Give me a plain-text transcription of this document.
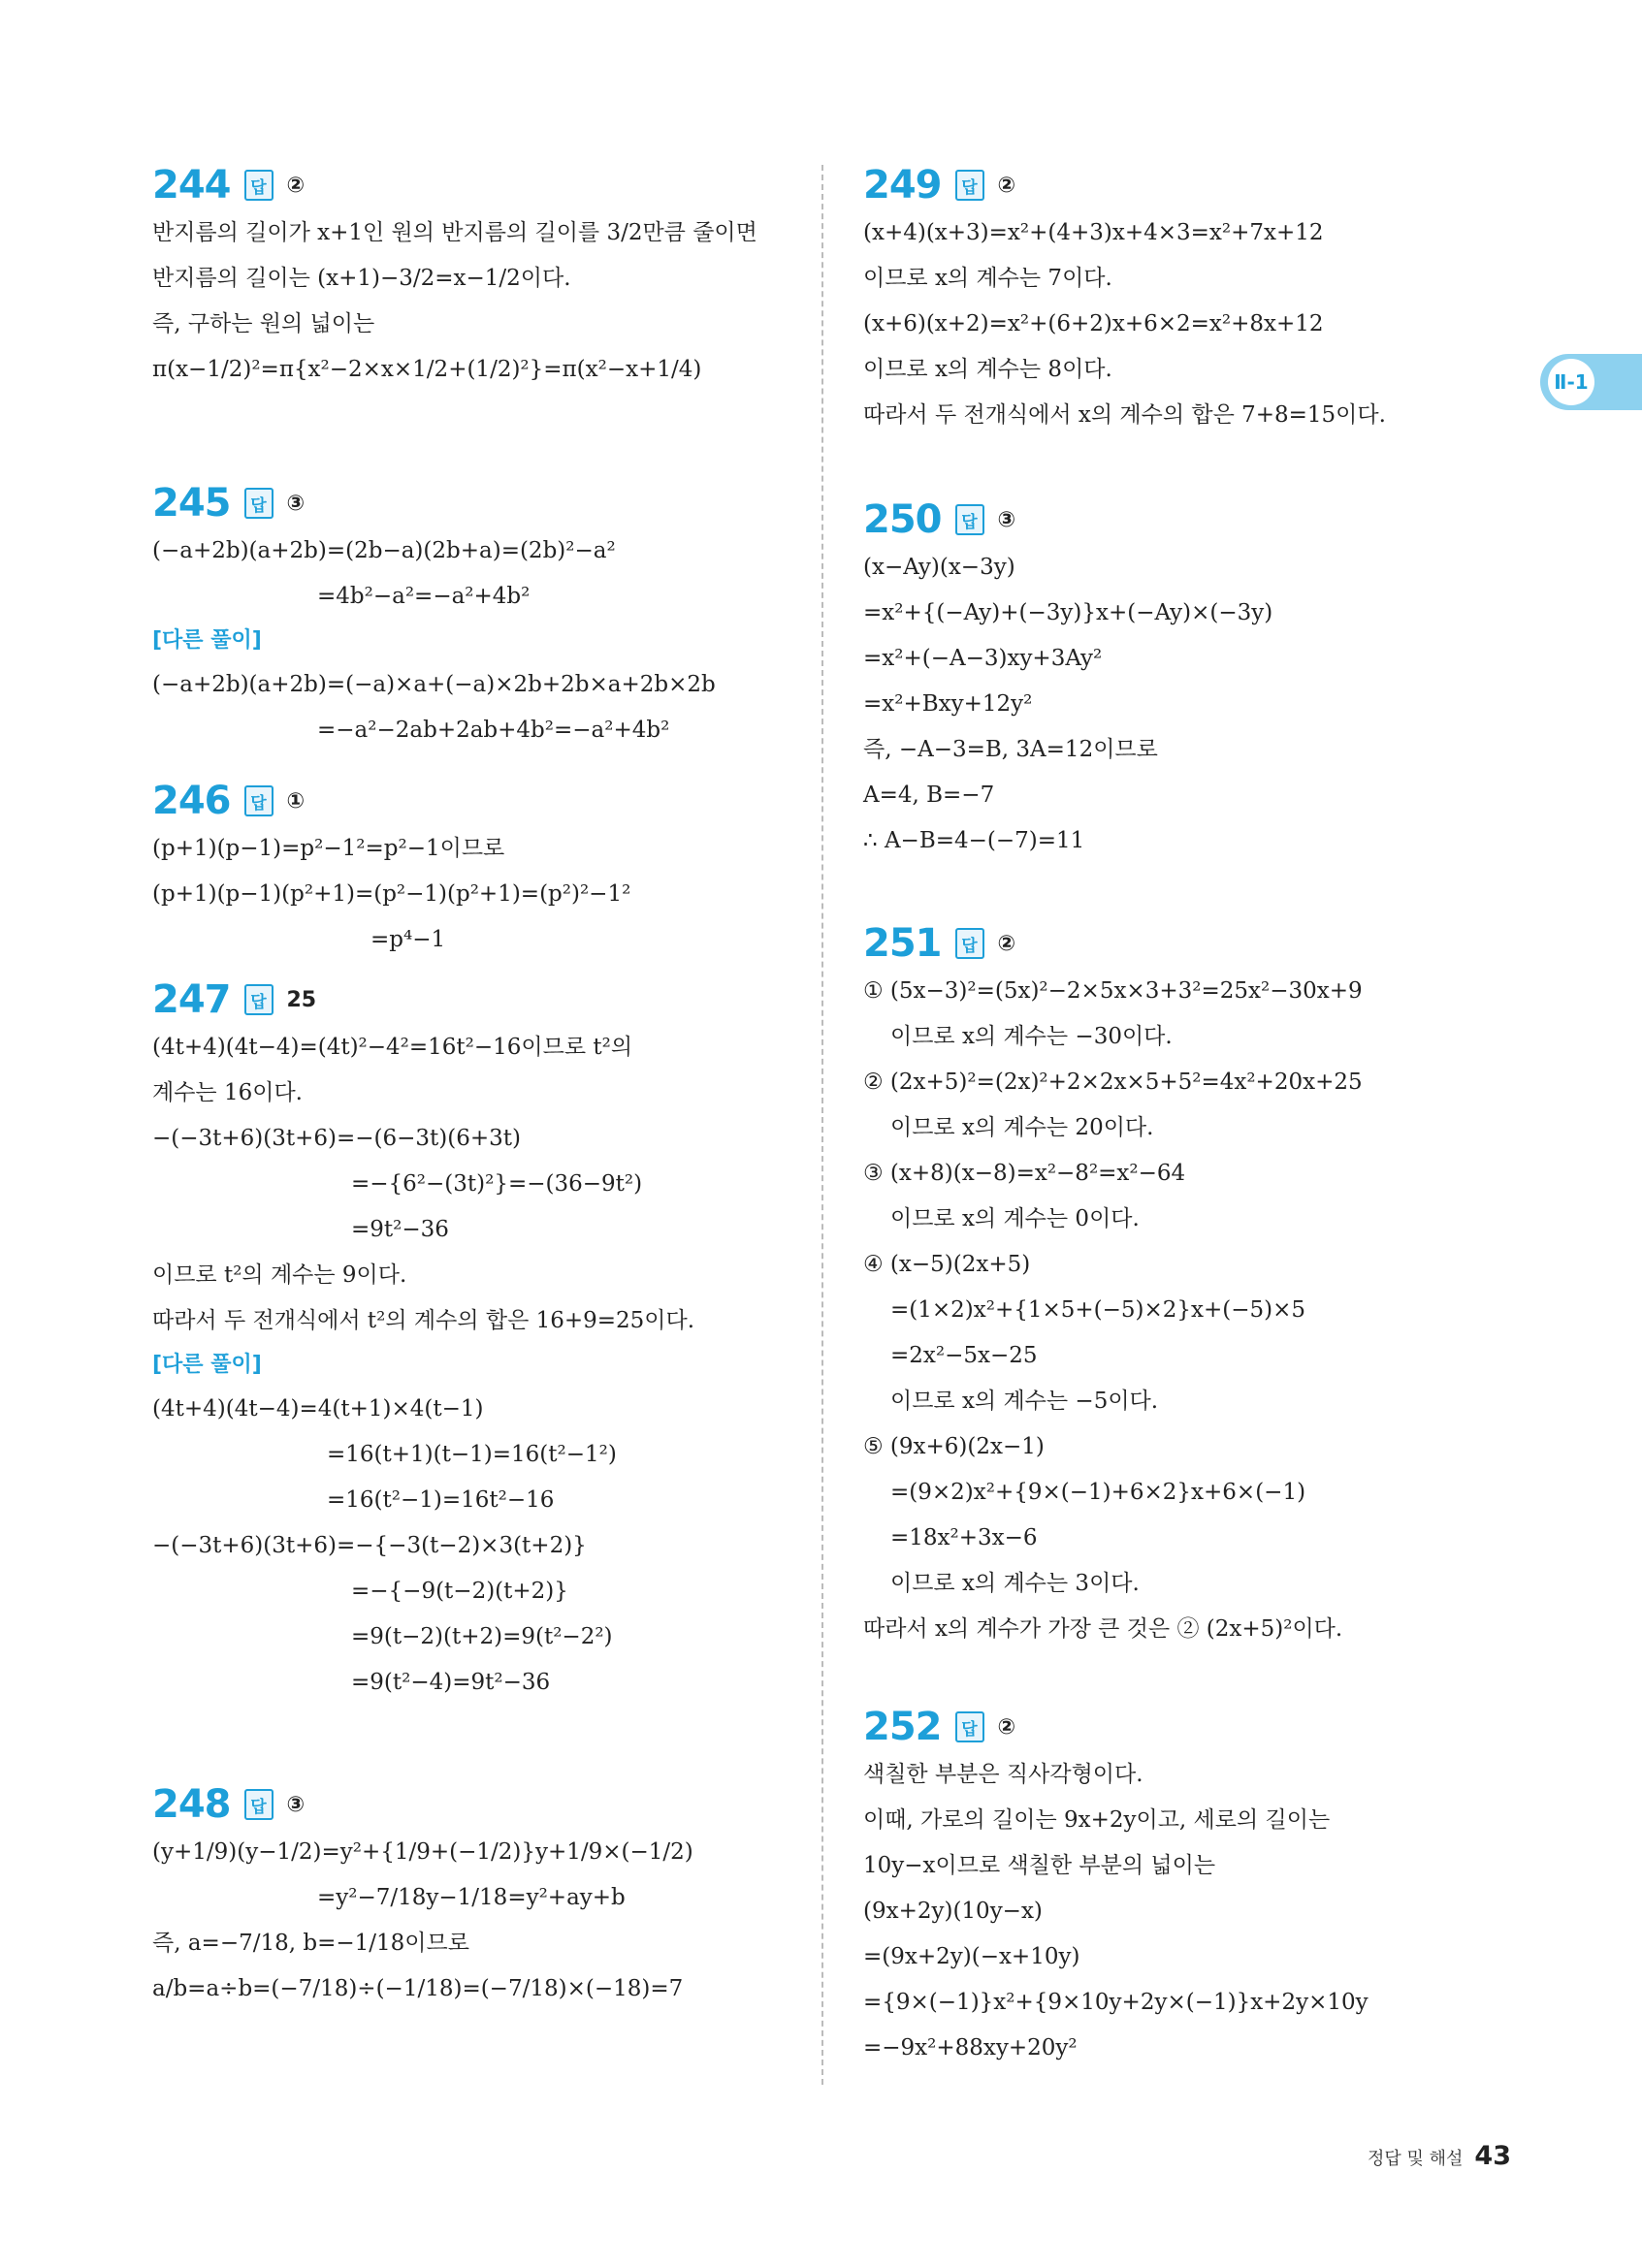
244	답 ②
반지름의 길이가 x+1인 원의 반지름의 길이를 3/2만큼 줄이면
반지름의 길이는 (x+1)−3/2=x−1/2이다.
즉, 구하는 원의 넓이는
π(x−1/2)²=π{x²−2×x×1/2+(1/2)²}=π(x²−x+1/4)
245	답 ③
(−a+2b)(a+2b)=(2b−a)(2b+a)=(2b)²−a²
=4b²−a²=−a²+4b²
[다른 풀이]
(−a+2b)(a+2b)=(−a)×a+(−a)×2b+2b×a+2b×2b
=−a²−2ab+2ab+4b²=−a²+4b²
246	답 ①
(p+1)(p−1)=p²−1²=p²−1이므로
(p+1)(p−1)(p²+1)=(p²−1)(p²+1)=(p²)²−1²
=p⁴−1
247	답 25
(4t+4)(4t−4)=(4t)²−4²=16t²−16이므로 t²의
계수는 16이다.
−(−3t+6)(3t+6)=−(6−3t)(6+3t)
=−{6²−(3t)²}=−(36−9t²)
=9t²−36
이므로 t²의 계수는 9이다.
따라서 두 전개식에서 t²의 계수의 합은 16+9=25이다.
[다른 풀이]
(4t+4)(4t−4)=4(t+1)×4(t−1)
=16(t+1)(t−1)=16(t²−1²)
=16(t²−1)=16t²−16
−(−3t+6)(3t+6)=−{−3(t−2)×3(t+2)}
=−{−9(t−2)(t+2)}
=9(t−2)(t+2)=9(t²−2²)
=9(t²−4)=9t²−36
248	답 ③
(y+1/9)(y−1/2)=y²+{1/9+(−1/2)}y+1/9×(−1/2)
=y²−7/18y−1/18=y²+ay+b
즉, a=−7/18, b=−1/18이므로
a/b=a÷b=(−7/18)÷(−1/18)=(−7/18)×(−18)=7
249	답 ②
(x+4)(x+3)=x²+(4+3)x+4×3=x²+7x+12
이므로 x의 계수는 7이다.
(x+6)(x+2)=x²+(6+2)x+6×2=x²+8x+12
이므로 x의 계수는 8이다.
따라서 두 전개식에서 x의 계수의 합은 7+8=15이다.
250	답 ③
(x−Ay)(x−3y)
=x²+{(−Ay)+(−3y)}x+(−Ay)×(−3y)
=x²+(−A−3)xy+3Ay²
=x²+Bxy+12y²
즉, −A−3=B, 3A=12이므로
A=4, B=−7
∴ A−B=4−(−7)=11
251	답 ②
① (5x−3)²=(5x)²−2×5x×3+3²=25x²−30x+9
이므로 x의 계수는 −30이다.
② (2x+5)²=(2x)²+2×2x×5+5²=4x²+20x+25
이므로 x의 계수는 20이다.
③ (x+8)(x−8)=x²−8²=x²−64
이므로 x의 계수는 0이다.
④ (x−5)(2x+5)
=(1×2)x²+{1×5+(−5)×2}x+(−5)×5
=2x²−5x−25
이므로 x의 계수는 −5이다.
⑤ (9x+6)(2x−1)
=(9×2)x²+{9×(−1)+6×2}x+6×(−1)
=18x²+3x−6
이므로 x의 계수는 3이다.
따라서 x의 계수가 가장 큰 것은 ② (2x+5)²이다.
252	답 ②
색칠한 부분은 직사각형이다.
이때, 가로의 길이는 9x+2y이고, 세로의 길이는
10y−x이므로 색칠한 부분의 넓이는
(9x+2y)(10y−x)
=(9x+2y)(−x+10y)
={9×(−1)}x²+{9×10y+2y×(−1)}x+2y×10y
=−9x²+88xy+20y²
Ⅱ-1
정답 및 해설 43
